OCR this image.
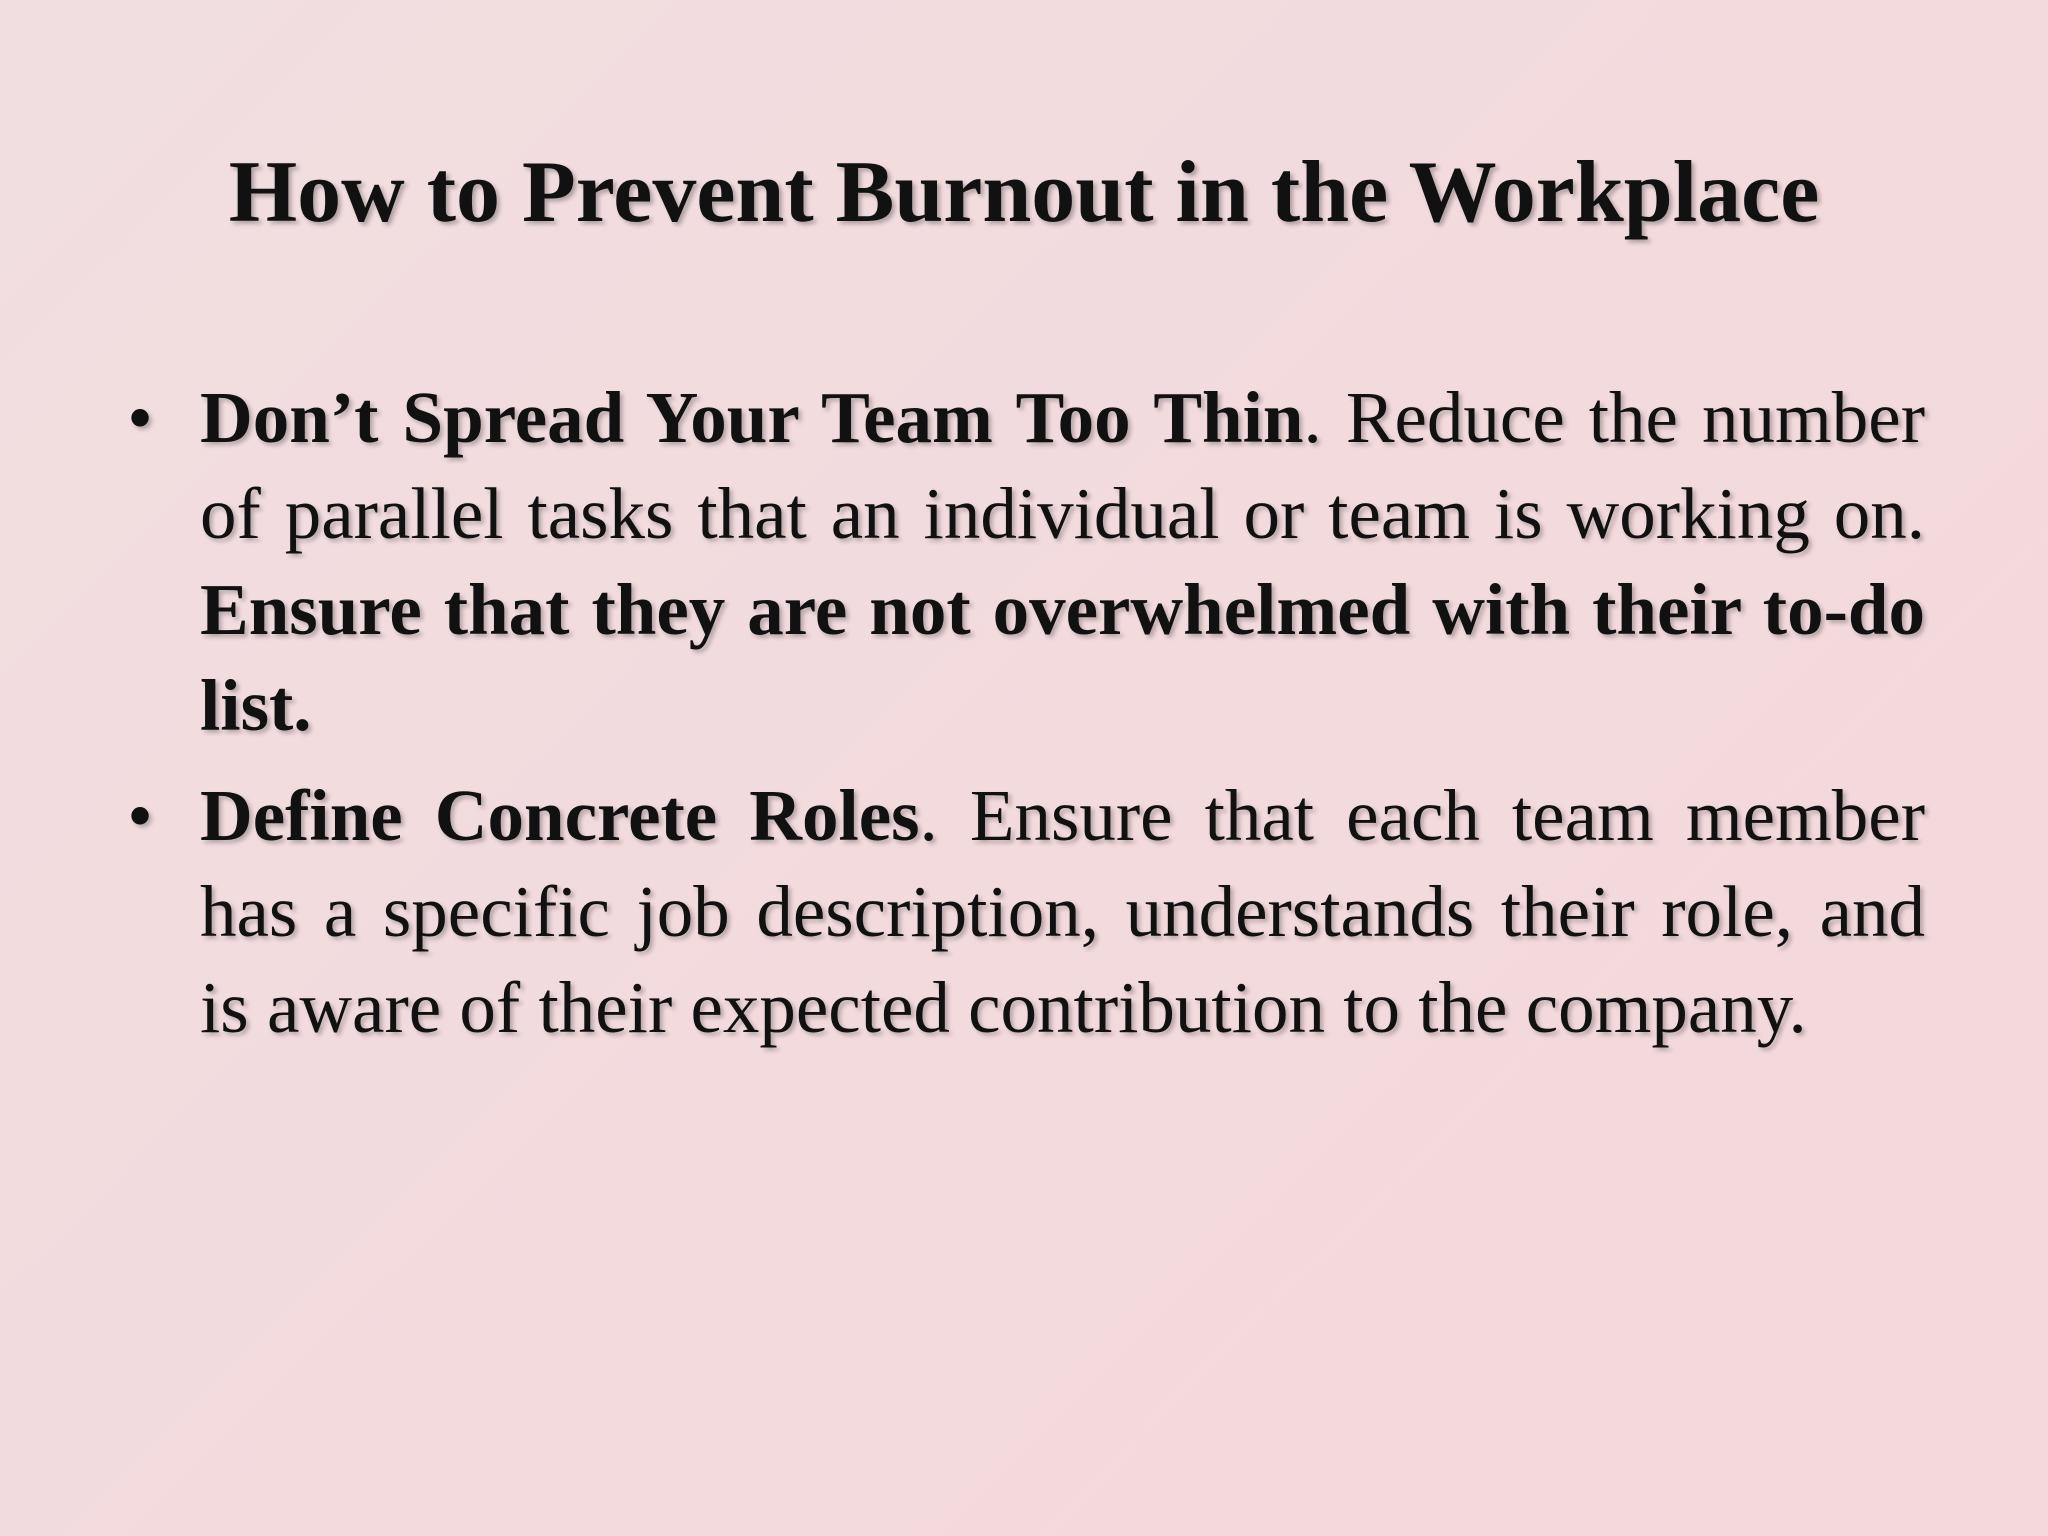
How to Prevent Burnout in the Workplace
• Don’t Spread Your Team Too Thin. Reduce the number of parallel tasks that an individual or team is working on. Ensure that they are not overwhelmed with their to-do list.
• Define Concrete Roles. Ensure that each team member has a specific job description, understands their role, and is aware of their expected contribution to the company.
